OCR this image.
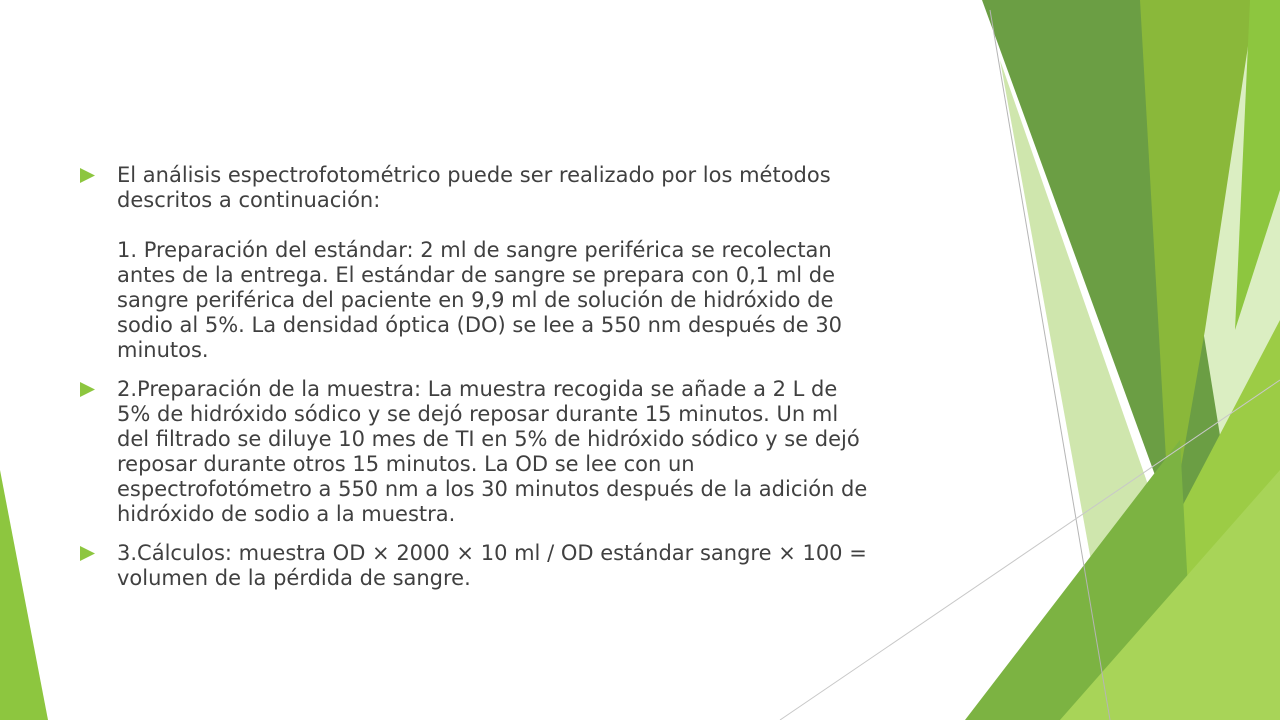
El análisis espectrofotométrico puede ser realizado por los métodos
descritos a continuación:
1. Preparación del estándar: 2 ml de sangre periférica se recolectan
antes de la entrega. El estándar de sangre se prepara con 0,1 ml de
sangre periférica del paciente en 9,9 ml de solución de hidróxido de
sodio al 5%. La densidad óptica (DO) se lee a 550 nm después de 30
minutos.
2.Preparación de la muestra: La muestra recogida se añade a 2 L de
5% de hidróxido sódico y se dejó reposar durante 15 minutos. Un ml
del filtrado se diluye 10 mes de TI en 5% de hidróxido sódico y se dejó
reposar durante otros 15 minutos. La OD se lee con un
espectrofotómetro a 550 nm a los 30 minutos después de la adición de
hidróxido de sodio a la muestra.
3.Cálculos: muestra OD × 2000 × 10 ml / OD estándar sangre × 100 =
volumen de la pérdida de sangre.
